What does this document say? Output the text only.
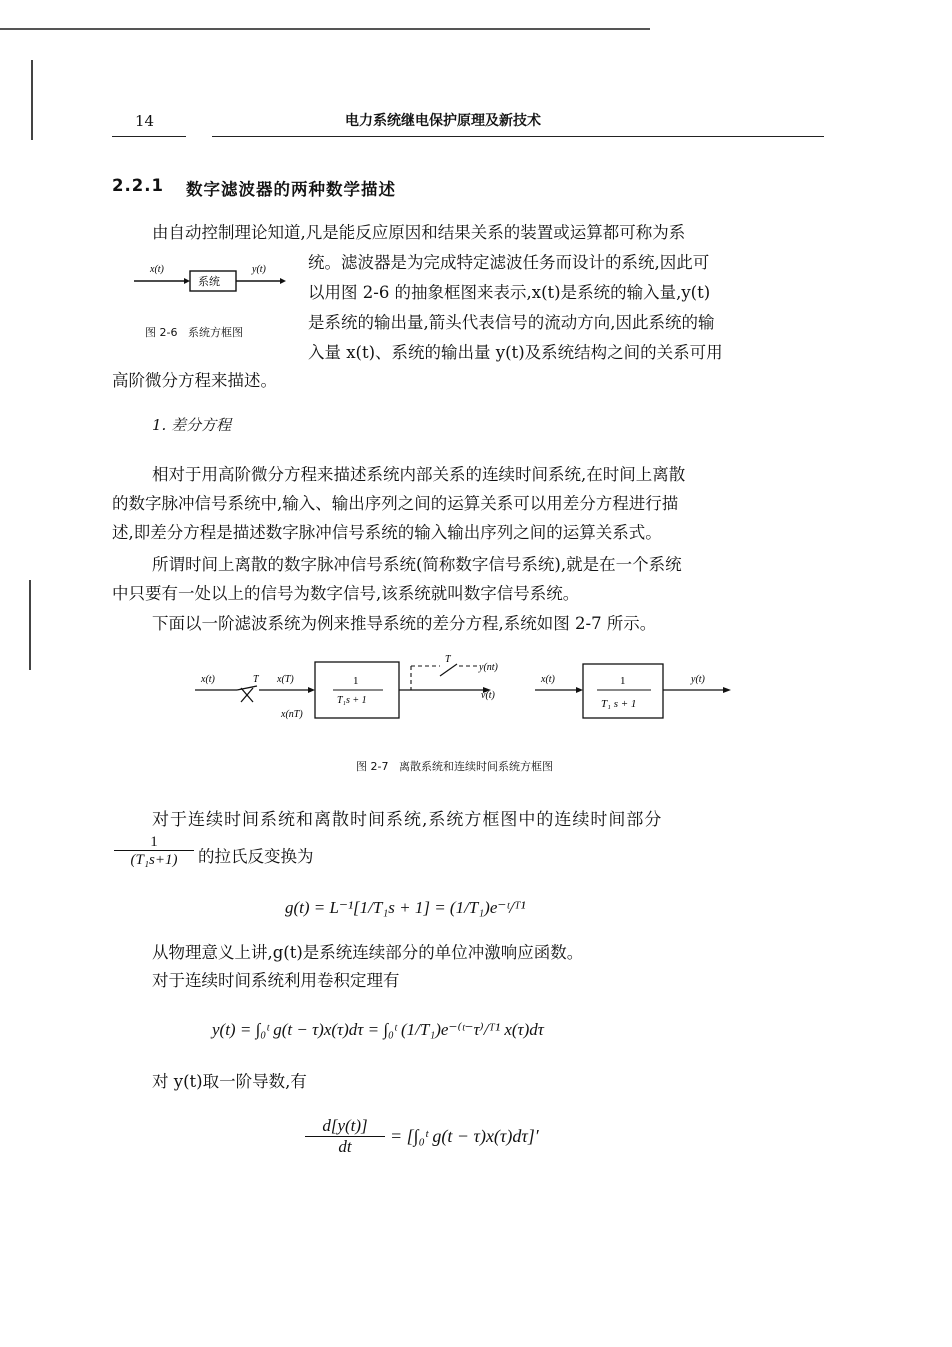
14	电力系统继电保护原理及新技术
2.2.1 数字滤波器的两种数学描述
由自动控制理论知道,凡是能反应原因和结果关系的装置或运算都可称为系
统。滤波器是为完成特定滤波任务而设计的系统,因此可
以用图 2-6 的抽象框图来表示,x(t)是系统的输入量,y(t)
是系统的输出量,箭头代表信号的流动方向,因此系统的输
入量 x(t)、系统的输出量 y(t)及系统结构之间的关系可用
高阶微分方程来描述。
x(t)	y(t)
系统
图 2-6   系统方框图
1. 差分方程
相对于用高阶微分方程来描述系统内部关系的连续时间系统,在时间上离散
的数字脉冲信号系统中,输入、输出序列之间的运算关系可以用差分方程进行描
述,即差分方程是描述数字脉冲信号系统的输入输出序列之间的运算关系式。
所谓时间上离散的数字脉冲信号系统(简称数字信号系统),就是在一个系统
中只要有一处以上的信号为数字信号,该系统就叫数字信号系统。
下面以一阶滤波系统为例来推导系统的差分方程,系统如图 2-7 所示。
x(t)	T x(T)
x(nT)
1
T₁s + 1
T
y(nt)
v(t)
x(t)	1
T₁ s + 1
y(t)
图 2-7   离散系统和连续时间系统方框图
对于连续时间系统和离散时间系统,系统方框图中的连续时间部分
1
(T₁s+1)	的拉氏反变换为
g(t) = L⁻¹[1/T₁s + 1] = (1/T₁)e⁻ᵗ/ᵀ¹
从物理意义上讲,g(t)是系统连续部分的单位冲激响应函数。
对于连续时间系统利用卷积定理有
y(t) = ∫₀ᵗ g(t − τ)x(τ)dτ = ∫₀ᵗ (1/T₁)e⁻⁽ᵗ⁻τ⁾/ᵀ¹ x(τ)dτ
对 y(t)取一阶导数,有
d[y(t)]
dt
= [∫₀ᵗ g(t − τ)x(τ)dτ]′
